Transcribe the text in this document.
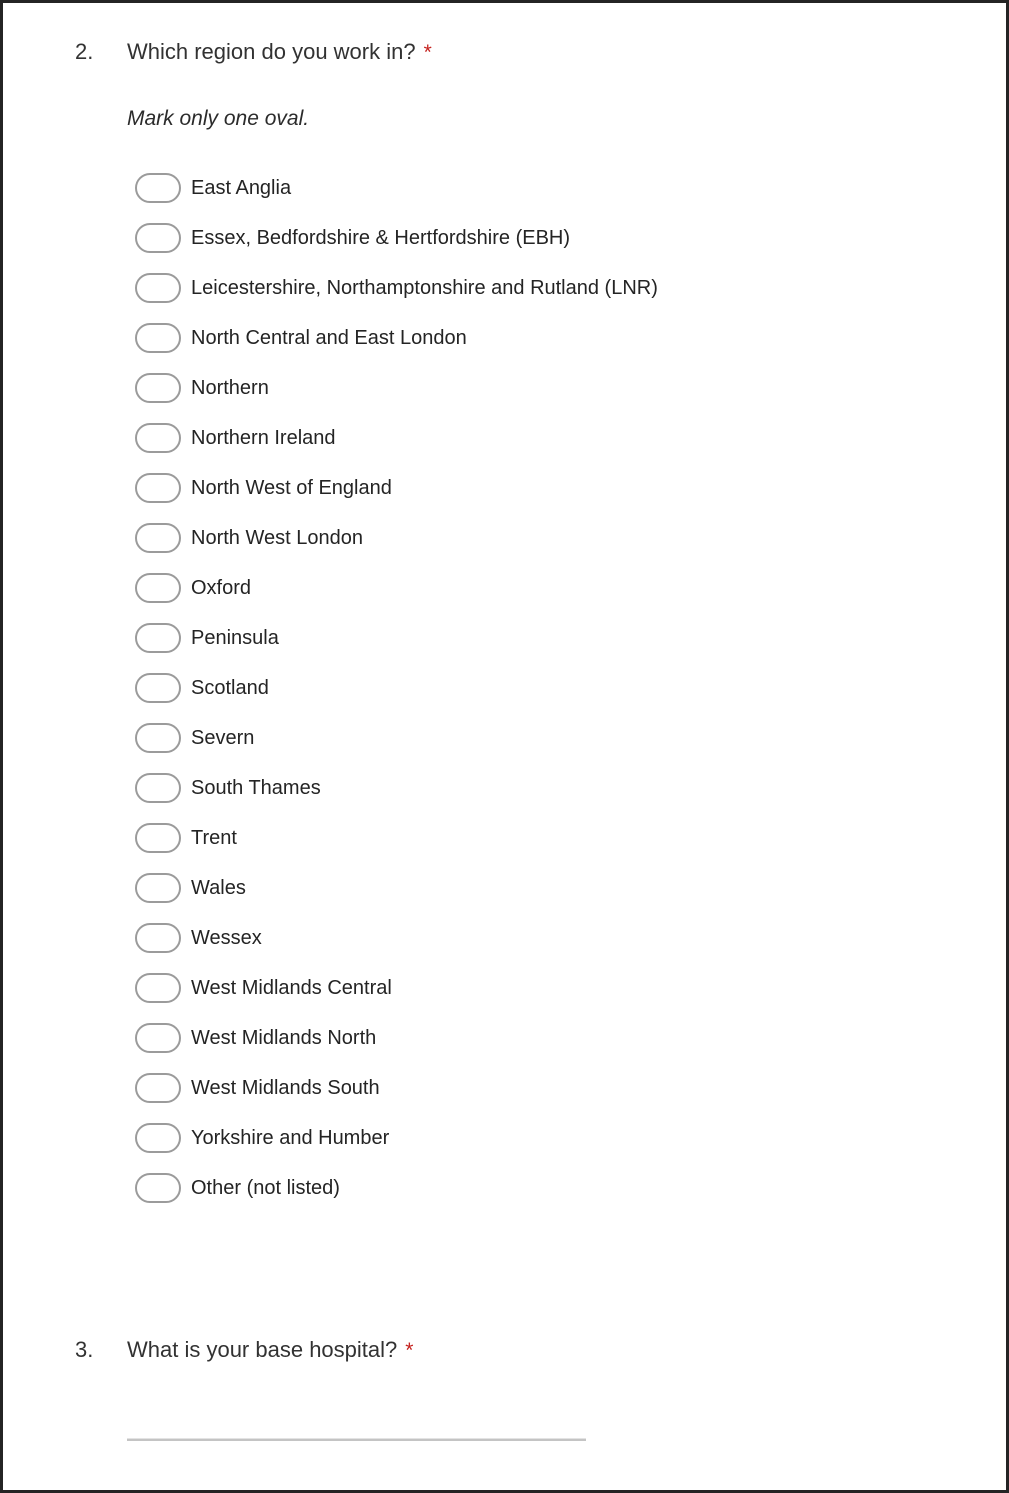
2.	Which region do you work in? *
Mark only one oval.
East Anglia
Essex, Bedfordshire & Hertfordshire (EBH)
Leicestershire, Northamptonshire and Rutland (LNR)
North Central and East London
Northern
Northern Ireland
North West of England
North West London
Oxford
Peninsula
Scotland
Severn
South Thames
Trent
Wales
Wessex
West Midlands Central
West Midlands North
West Midlands South
Yorkshire and Humber
Other (not listed)
3.	What is your base hospital? *
